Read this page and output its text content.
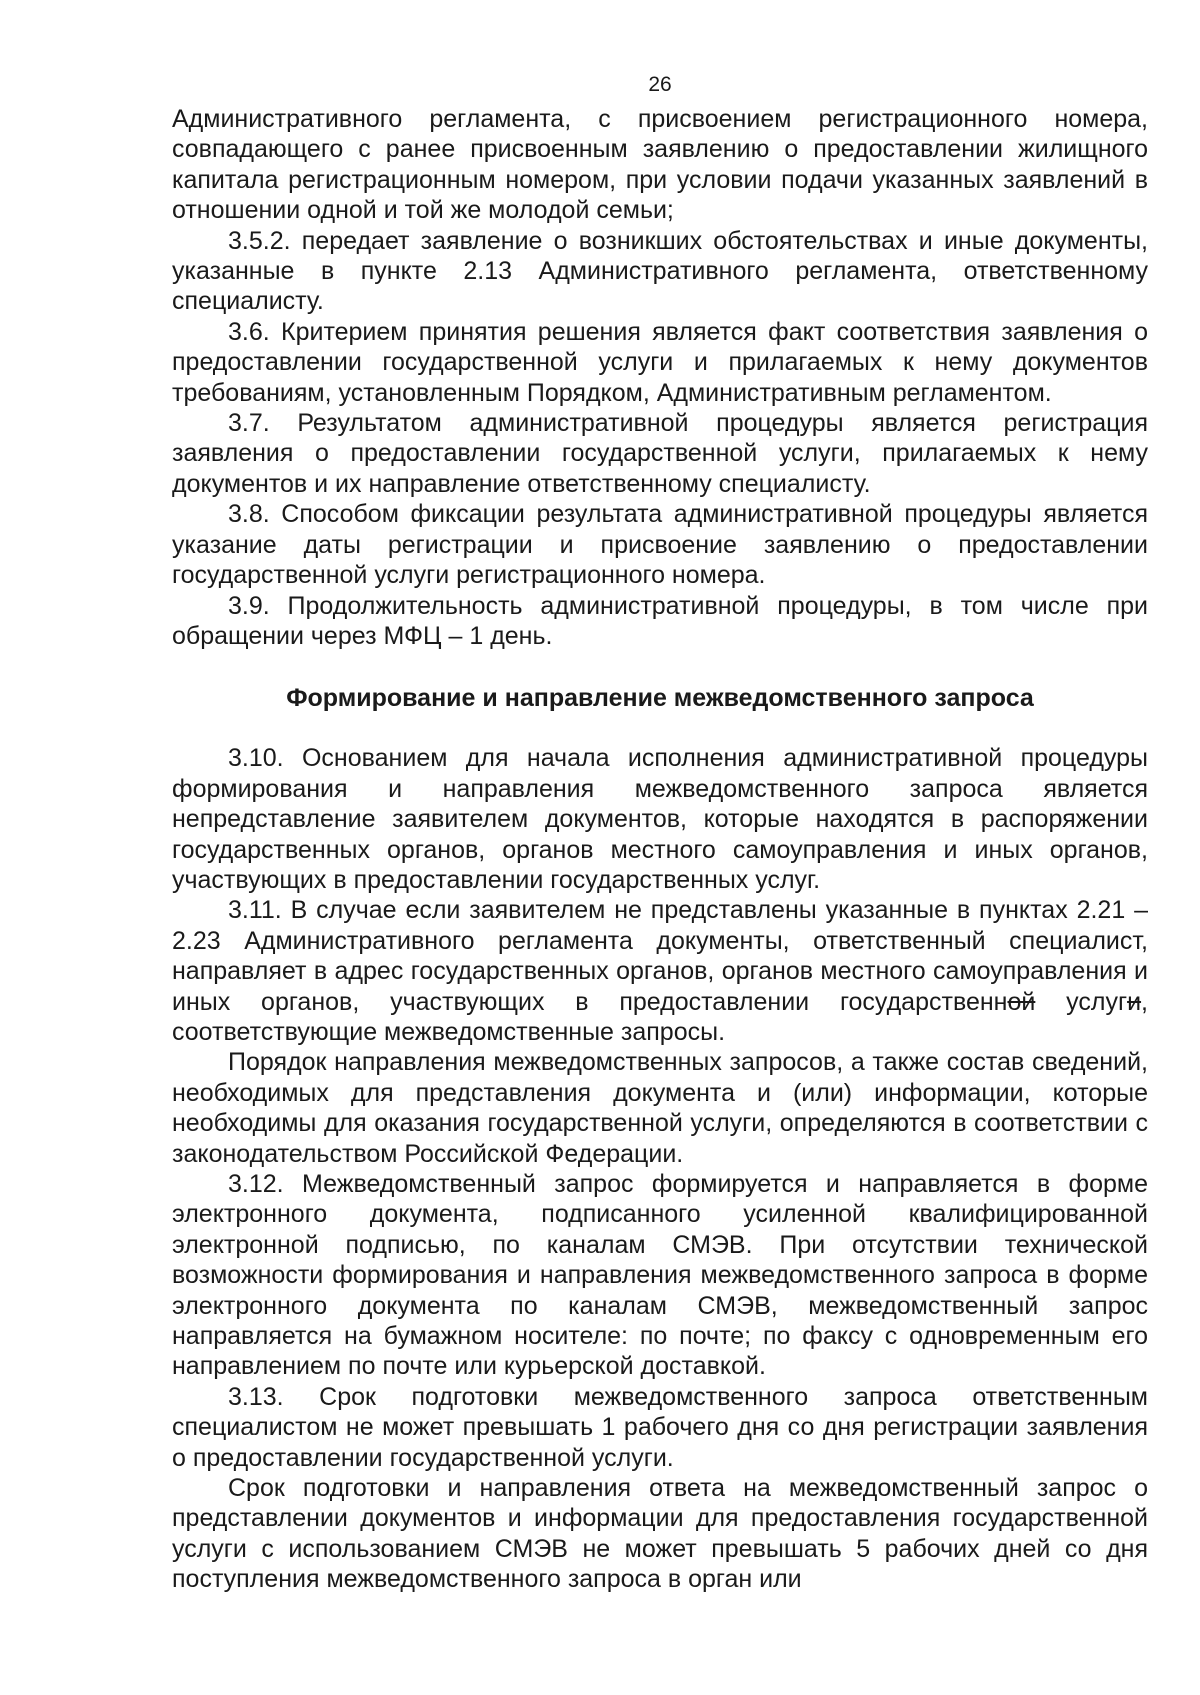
26

Административного регламента, с присвоением регистрационного номера, совпадающего с ранее присвоенным заявлению о предоставлении жилищного капитала регистрационным номером, при условии подачи указанных заявлений в отношении одной и той же молодой семьи;

3.5.2. передает заявление о возникших обстоятельствах и иные документы, указанные в пункте 2.13 Административного регламента, ответственному специалисту.

3.6. Критерием принятия решения является факт соответствия заявления о предоставлении государственной услуги и прилагаемых к нему документов требованиям, установленным Порядком, Административным регламентом.

3.7. Результатом административной процедуры является регистрация заявления о предоставлении государственной услуги, прилагаемых к нему документов и их направление ответственному специалисту.

3.8. Способом фиксации результата административной процедуры является указание даты регистрации и присвоение заявлению о предоставлении государственной услуги регистрационного номера.

3.9. Продолжительность административной процедуры, в том числе при обращении через МФЦ – 1 день.

Формирование и направление межведомственного запроса

3.10. Основанием для начала исполнения административной процедуры формирования и направления межведомственного запроса является непредставление заявителем документов, которые находятся в распоряжении государственных органов, органов местного самоуправления и иных органов, участвующих в предоставлении государственных услуг.

3.11. В случае если заявителем не представлены указанные в пунктах 2.21 – 2.23 Административного регламента документы, ответственный специалист, направляет в адрес государственных органов, органов местного самоуправления и иных органов, участвующих в предоставлении государственной услуги, соответствующие межведомственные запросы.

Порядок направления межведомственных запросов, а также состав сведений, необходимых для представления документа и (или) информации, которые необходимы для оказания государственной услуги, определяются в соответствии с законодательством Российской Федерации.

3.12. Межведомственный запрос формируется и направляется в форме электронного документа, подписанного усиленной квалифицированной электронной подписью, по каналам СМЭВ. При отсутствии технической возможности формирования и направления межведомственного запроса в форме электронного документа по каналам СМЭВ, межведомственный запрос направляется на бумажном носителе: по почте; по факсу с одновременным его направлением по почте или курьерской доставкой.

3.13. Срок подготовки межведомственного запроса ответственным специалистом не может превышать 1 рабочего дня со дня регистрации заявления о предоставлении государственной услуги.

Срок подготовки и направления ответа на межведомственный запрос о представлении документов и информации для предоставления государственной услуги с использованием СМЭВ не может превышать 5 рабочих дней со дня поступления межведомственного запроса в орган или
